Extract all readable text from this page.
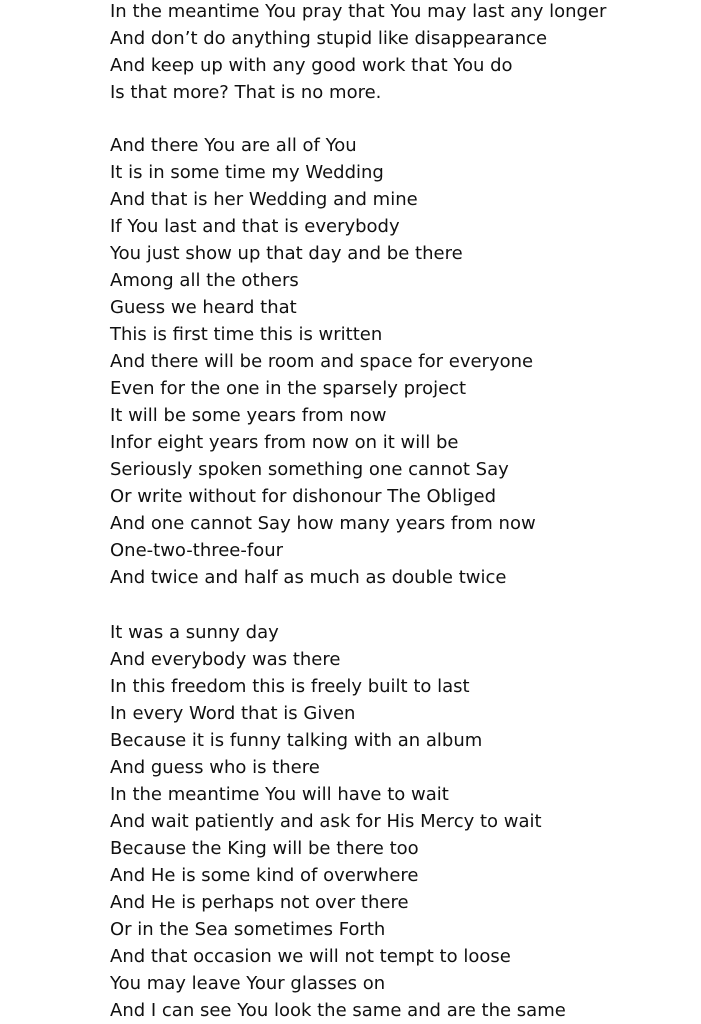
In the meantime You pray that You may last any longer
And don’t do anything stupid like disappearance
And keep up with any good work that You do
Is that more? That is no more.
And there You are all of You
It is in some time my Wedding
And that is her Wedding and mine
If You last and that is everybody
You just show up that day and be there
Among all the others
Guess we heard that
This is first time this is written
And there will be room and space for everyone
Even for the one in the sparsely project
It will be some years from now
Infor eight years from now on it will be
Seriously spoken something one cannot Say
Or write without for dishonour The Obliged
And one cannot Say how many years from now
One-two-three-four
And twice and half as much as double twice
It was a sunny day
And everybody was there
In this freedom this is freely built to last
In every Word that is Given
Because it is funny talking with an album
And guess who is there
In the meantime You will have to wait
And wait patiently and ask for His Mercy to wait
Because the King will be there too
And He is some kind of overwhere
And He is perhaps not over there
Or in the Sea sometimes Forth
And that occasion we will not tempt to loose
You may leave Your glasses on
And I can see You look the same and are the same
